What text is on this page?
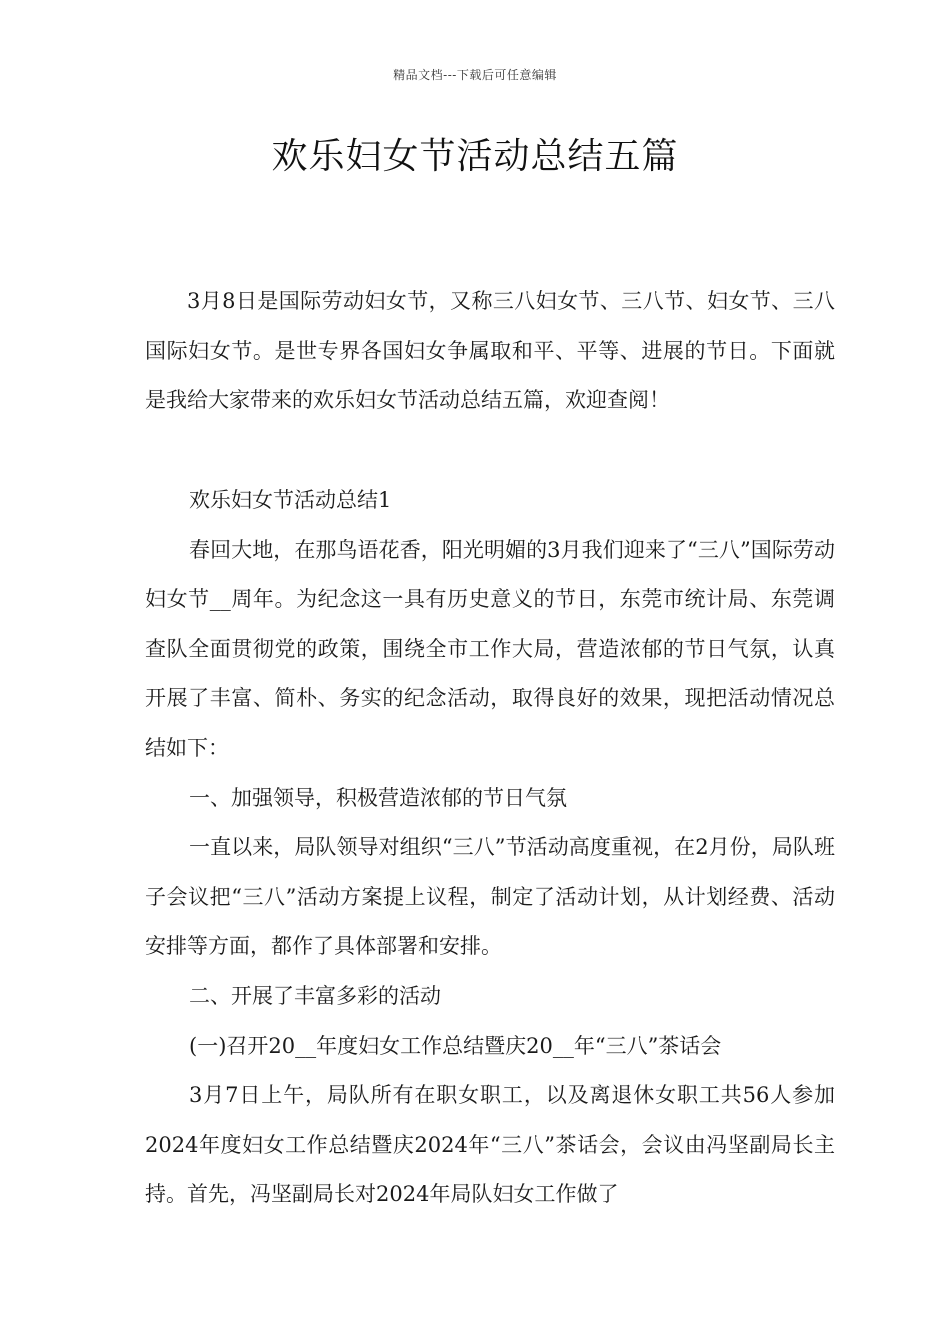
精品文档---下载后可任意编辑
欢乐妇女节活动总结五篇

3月8日是国际劳动妇女节，又称三八妇女节、三八节、妇女节、三八国际妇女节。是世专界各国妇女争属取和平、平等、进展的节日。下面就是我给大家带来的欢乐妇女节活动总结五篇，欢迎查阅！

欢乐妇女节活动总结1

春回大地，在那鸟语花香，阳光明媚的3月我们迎来了“三八”国际劳动妇女节__周年。为纪念这一具有历史意义的节日，东莞市统计局、东莞调查队全面贯彻党的政策，围绕全市工作大局，营造浓郁的节日气氛，认真开展了丰富、简朴、务实的纪念活动，取得良好的效果，现把活动情况总结如下：

一、加强领导，积极营造浓郁的节日气氛

一直以来，局队领导对组织“三八”节活动高度重视，在2月份，局队班子会议把“三八”活动方案提上议程，制定了活动计划，从计划经费、活动安排等方面，都作了具体部署和安排。

二、开展了丰富多彩的活动

(一)召开20__年度妇女工作总结暨庆20__年“三八”茶话会

3月7日上午，局队所有在职女职工，以及离退休女职工共56人参加2024年度妇女工作总结暨庆2024年“三八”茶话会，会议由冯坚副局长主持。首先，冯坚副局长对2024年局队妇女工作做了
